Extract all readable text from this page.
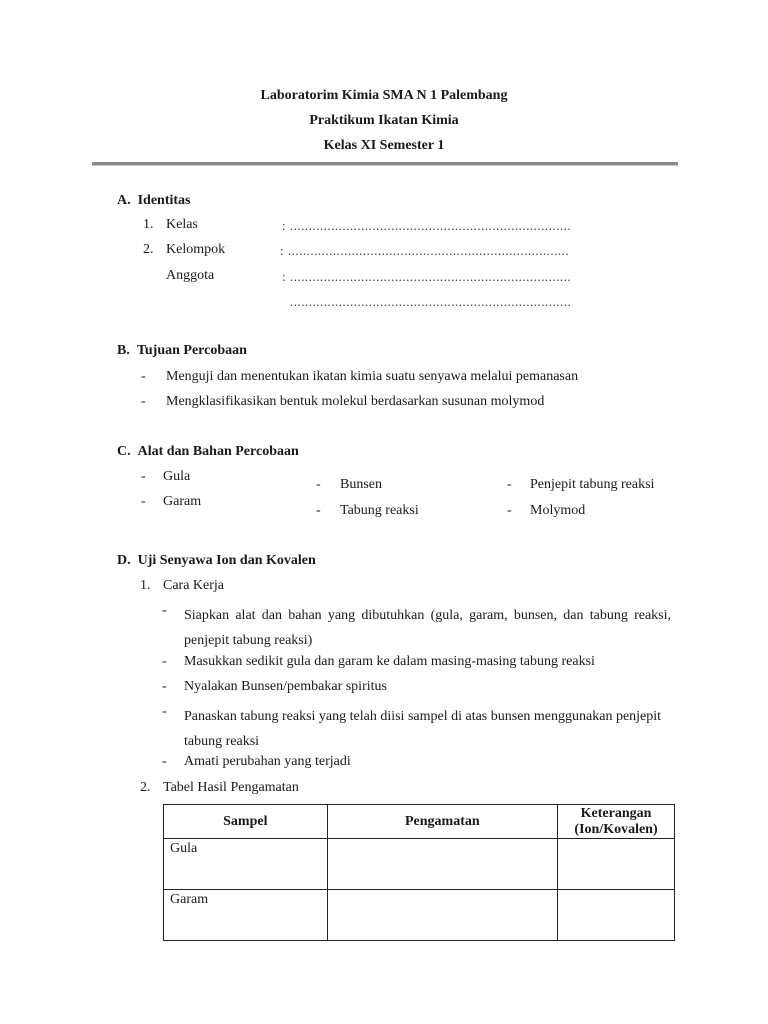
Laboratorim Kimia SMA N 1 Palembang
Praktikum Ikatan Kimia
Kelas XI Semester 1
A.  Identitas
1. Kelas	: ...........................................................................
2. Kelompok	: ...........................................................................
Anggota	: ...........................................................................
...........................................................................
B.  Tujuan Percobaan
- Menguji dan menentukan ikatan kimia suatu senyawa melalui pemanasan
- Mengklasifikasikan bentuk molekul berdasarkan susunan molymod
C.  Alat dan Bahan Percobaan
- Gula
- Garam
- Bunsen
- Tabung reaksi
- Penjepit tabung reaksi
- Molymod
D.  Uji Senyawa Ion dan Kovalen
1. Cara Kerja
- Siapkan alat dan bahan yang dibutuhkan (gula, garam, bunsen, dan tabung reaksi, penjepit tabung reaksi)
- Masukkan sedikit gula dan garam ke dalam masing-masing tabung reaksi
- Nyalakan Bunsen/pembakar spiritus
- Panaskan tabung reaksi yang telah diisi sampel di atas bunsen menggunakan penjepit tabung reaksi
- Amati perubahan yang terjadi
2. Tabel Hasil Pengamatan
Sampel	Pengamatan	Keterangan (Ion/Kovalen)
Gula		
Garam		
